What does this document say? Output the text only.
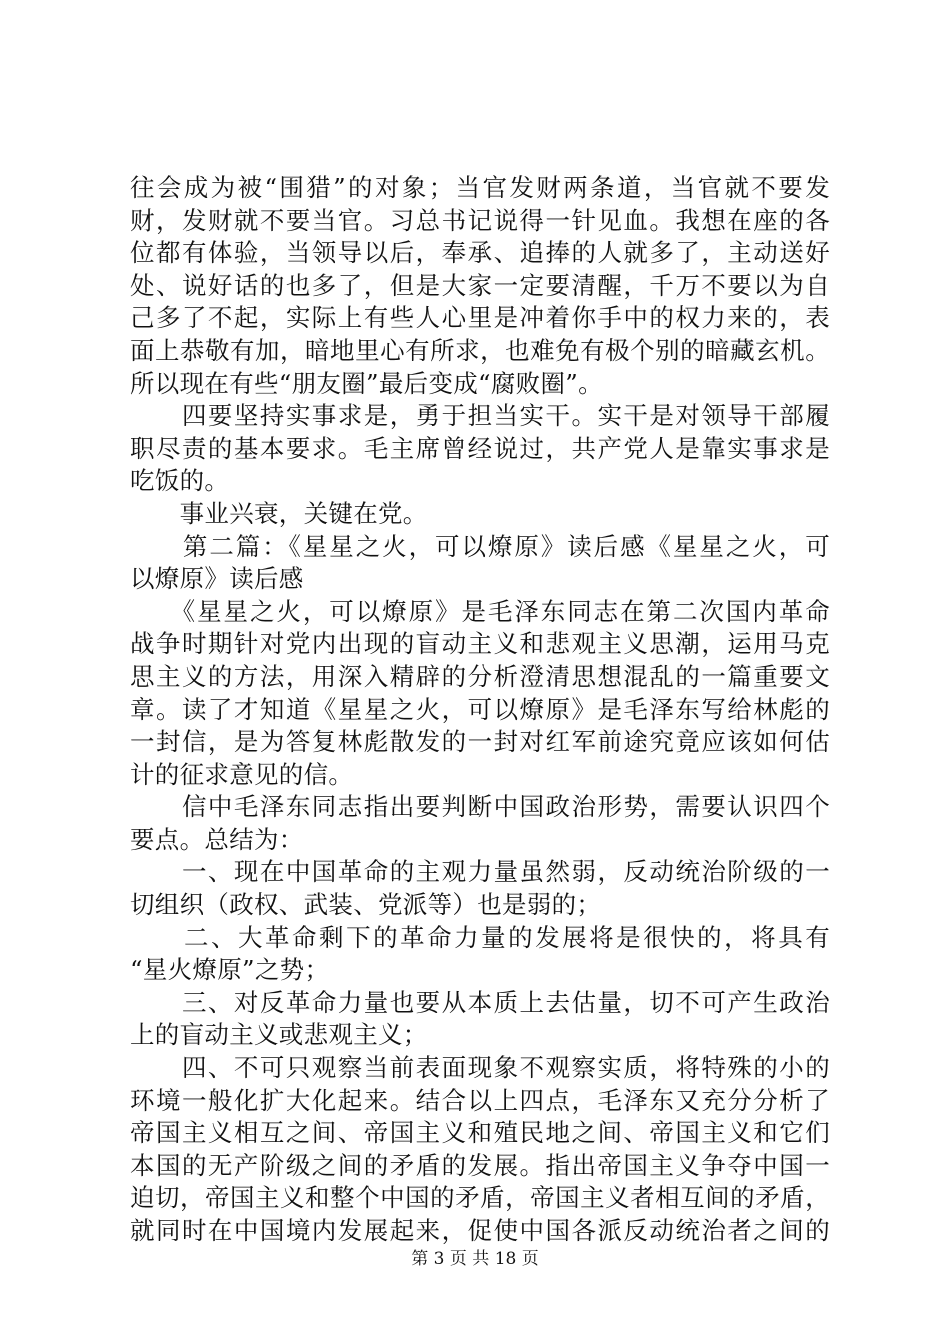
往会成为被“围猎”的对象；当官发财两条道，当官就不要发
财，发财就不要当官。习总书记说得一针见血。我想在座的各
位都有体验，当领导以后，奉承、追捧的人就多了，主动送好
处、说好话的也多了，但是大家一定要清醒，千万不要以为自
己多了不起，实际上有些人心里是冲着你手中的权力来的，表
面上恭敬有加，暗地里心有所求，也难免有极个别的暗藏玄机。
所以现在有些“朋友圈”最后变成“腐败圈”。
　　四要坚持实事求是，勇于担当实干。实干是对领导干部履
职尽责的基本要求。毛主席曾经说过，共产党人是靠实事求是
吃饭的。
　　事业兴衰，关键在党。
　　第二篇：《星星之火，可以燎原》读后感《星星之火，可
以燎原》读后感
　　《星星之火，可以燎原》是毛泽东同志在第二次国内革命
战争时期针对党内出现的盲动主义和悲观主义思潮，运用马克
思主义的方法，用深入精辟的分析澄清思想混乱的一篇重要文
章。读了才知道《星星之火，可以燎原》是毛泽东写给林彪的
一封信，是为答复林彪散发的一封对红军前途究竟应该如何估
计的征求意见的信。
　　信中毛泽东同志指出要判断中国政治形势，需要认识四个
要点。总结为：
　　一、现在中国革命的主观力量虽然弱，反动统治阶级的一
切组织（政权、武装、党派等）也是弱的；
　　二、大革命剩下的革命力量的发展将是很快的，将具有
“星火燎原”之势；
　　三、对反革命力量也要从本质上去估量，切不可产生政治
上的盲动主义或悲观主义；
　　四、不可只观察当前表面现象不观察实质，将特殊的小的
环境一般化扩大化起来。结合以上四点，毛泽东又充分分析了
帝国主义相互之间、帝国主义和殖民地之间、帝国主义和它们
本国的无产阶级之间的矛盾的发展。指出帝国主义争夺中国一
迫切，帝国主义和整个中国的矛盾，帝国主义者相互间的矛盾，
就同时在中国境内发展起来，促使中国各派反动统治者之间的
第 3 页 共 18 页
